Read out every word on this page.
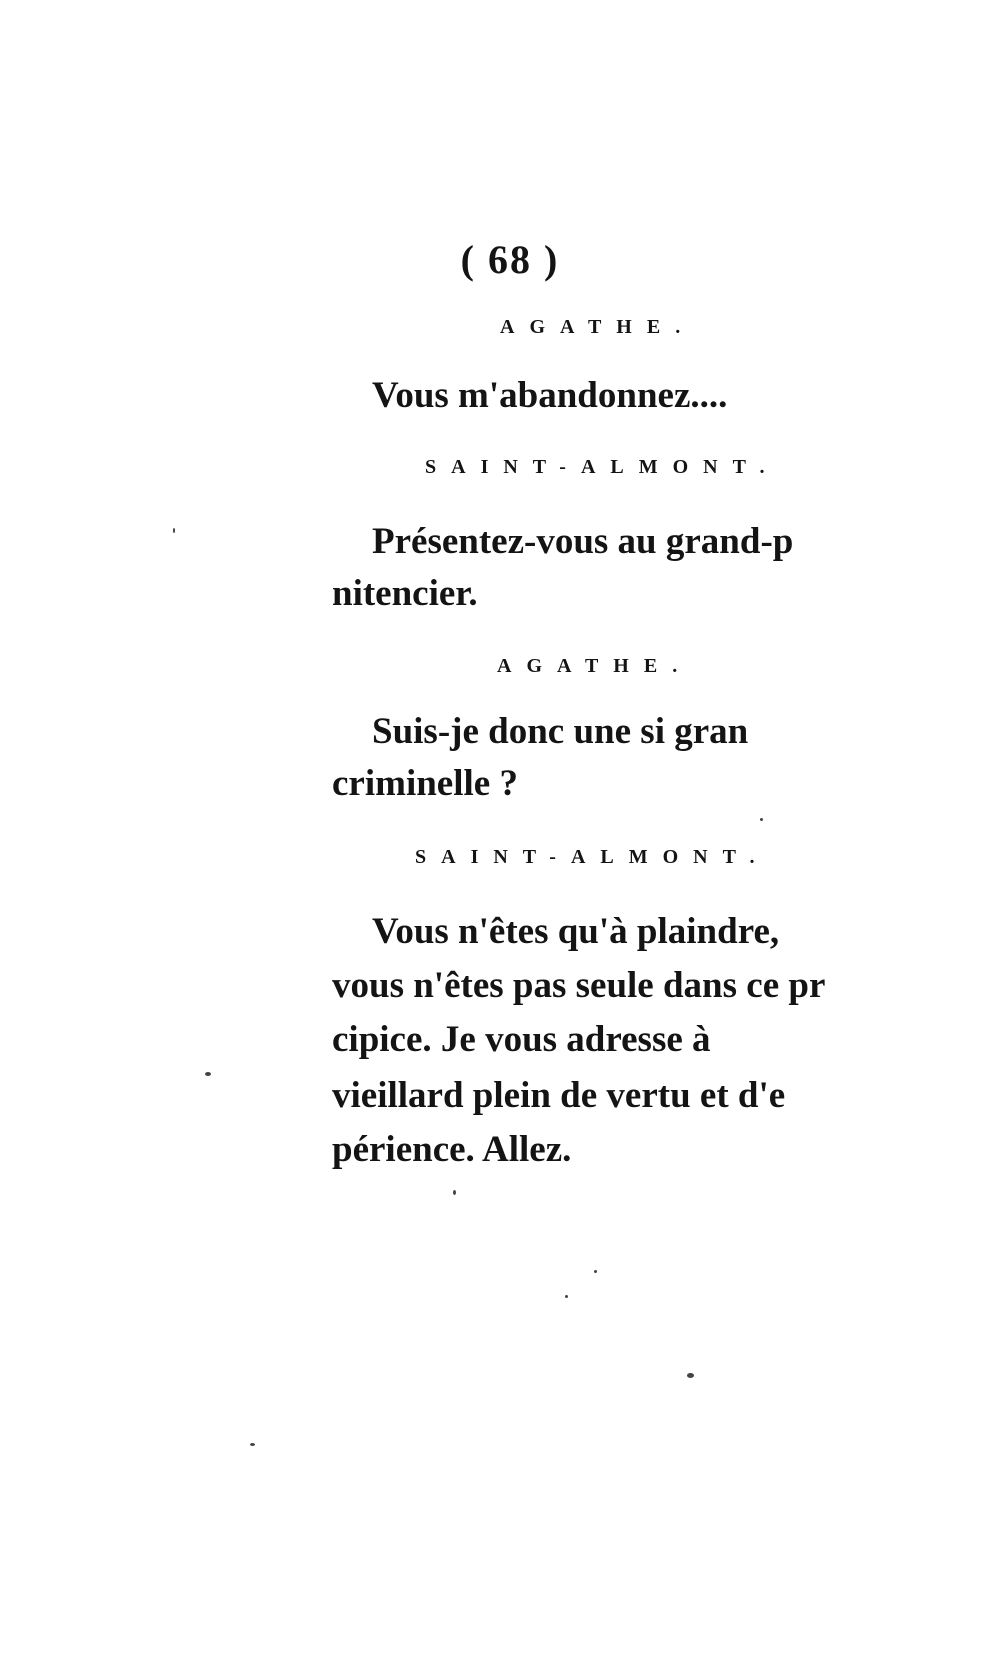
( 68 )
AGATHE.
Vous m'abandonnez....
SAINT-ALMONT.
Présentez-vous au grand-p
nitencier.
AGATHE.
Suis-je donc une si gran
criminelle ?
SAINT-ALMONT.
Vous n'êtes qu'à plaindre,
vous n'êtes pas seule dans ce pr
cipice. Je vous adresse à
vieillard plein de vertu et d'e
périence. Allez.
